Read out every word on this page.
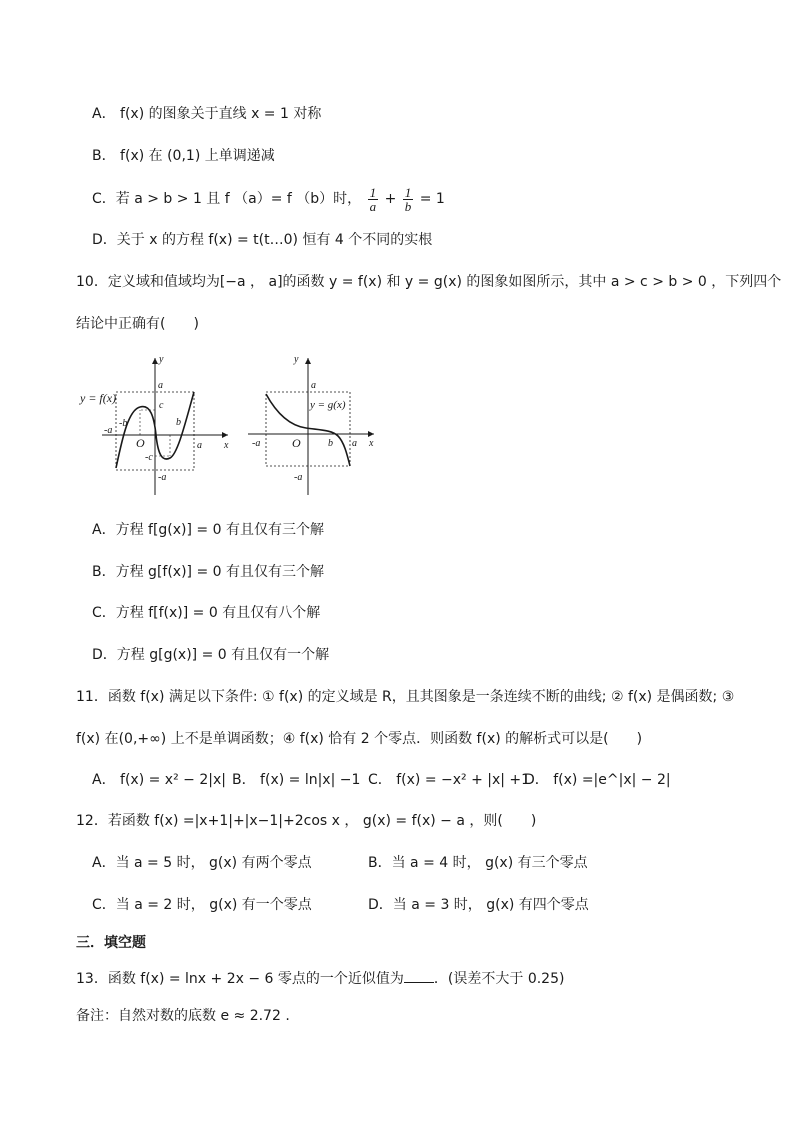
A． f(x) 的图象关于直线 x = 1 对称
B． f(x) 在 (0,1) 上单调递减
C．若 a > b > 1 且 f （a）= f （b）时， $\frac{1}{a} + \frac{1}{b} = 1$
D．关于 x 的方程 f(x) = t(t…0) 恒有 4 个不同的实根
10．定义域和值域均为[−a ， a]的函数 y = f(x) 和 y = g(x) 的图象如图所示，其中 a > c > b > 0 ，下列四个
结论中正确有(　　)
y = f(x)
y
x
O
a
c
-b	b
-a
a
-c
-a
y = g(x)
y
x
O
a
-a	b a
-a
A．方程 f[g(x)] = 0 有且仅有三个解
B．方程 g[f(x)] = 0 有且仅有三个解
C．方程 f[f(x)] = 0 有且仅有八个解
D．方程 g[g(x)] = 0 有且仅有一个解
11．函数 f(x) 满足以下条件: ① f(x) 的定义域是 R，且其图象是一条连续不断的曲线; ② f(x) 是偶函数; ③
f(x) 在(0,+∞) 上不是单调函数；④ f(x) 恰有 2 个零点．则函数 f(x) 的解析式可以是(　　)
A． f(x) = x² − 2|x| B． f(x) = ln|x| −1 C． f(x) = −x² + |x| +1
D． f(x) =|e^|x| − 2|
12．若函数 f(x) =|x+1|+|x−1|+2cos x ， g(x) = f(x) − a ，则(　　)
A．当 a = 5 时， g(x) 有两个零点	B．当 a = 4 时， g(x) 有三个零点
C．当 a = 2 时， g(x) 有一个零点	D．当 a = 3 时， g(x) 有四个零点
三．填空题
13．函数 f(x) = lnx + 2x − 6 零点的一个近似值为 ．(误差不大于 0.25)
备注：自然对数的底数 e ≈ 2.72 .
